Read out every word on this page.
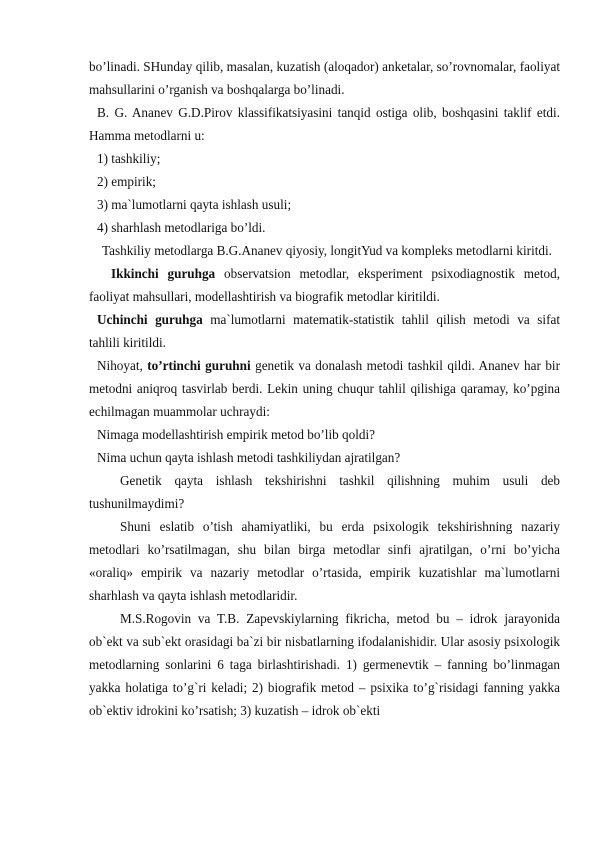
bo’linadi. SHunday qilib, masalan, kuzatish (aloqador) anketalar, so’rovnomalar, faoliyat mahsullarini o’rganish va boshqalarga bo’linadi.

B. G. Ananev G.D.Pirov klassifikatsiyasini tanqid ostiga olib, boshqasini taklif etdi. Hamma metodlarni u:

1) tashkiliy;

2) empirik;

3) ma`lumotlarni qayta ishlash usuli;

4) sharhlash metodlariga bo’ldi.

Tashkiliy metodlarga B.G.Ananev qiyosiy, longitYud va kompleks metodlarni kiritdi.

Ikkinchi guruhga observatsion metodlar, eksperiment psixodiagnostik metod, faoliyat mahsullari, modellashtirish va biografik metodlar kiritildi.

Uchinchi guruhga ma`lumotlarni matematik-statistik tahlil qilish metodi va sifat tahlili kiritildi.

Nihoyat, to’rtinchi guruhni genetik va donalash metodi tashkil qildi. Ananev har bir metodni aniqroq tasvirlab berdi. Lekin uning chuqur tahlil qilishiga qaramay, ko’pgina echilmagan muammolar uchraydi:

Nimaga modellashtirish empirik metod bo’lib qoldi?

Nima uchun qayta ishlash metodi tashkiliydan ajratilgan?

Genetik qayta ishlash tekshirishni tashkil qilishning muhim usuli deb tushunilmaydimi?

Shuni eslatib o’tish ahamiyatliki, bu erda psixologik tekshirishning nazariy metodlari ko’rsatilmagan, shu bilan birga metodlar sinfi ajratilgan, o’rni bo’yicha «oraliq» empirik va nazariy metodlar o’rtasida, empirik kuzatishlar ma`lumotlarni sharhlash va qayta ishlash metodlaridir.

M.S.Rogovin va T.B. Zapevskiylarning fikricha, metod bu – idrok jarayonida ob`ekt va sub`ekt orasidagi ba`zi bir nisbatlarning ifodalanishidir. Ular asosiy psixologik metodlarning sonlarini 6 taga birlashtirishadi. 1) germenevtik – fanning bo’linmagan yakka holatiga to’g`ri keladi; 2) biografik metod – psixika to’g`risidagi fanning yakka ob`ektiv idrokini ko’rsatish; 3) kuzatish – idrok ob`ekti
